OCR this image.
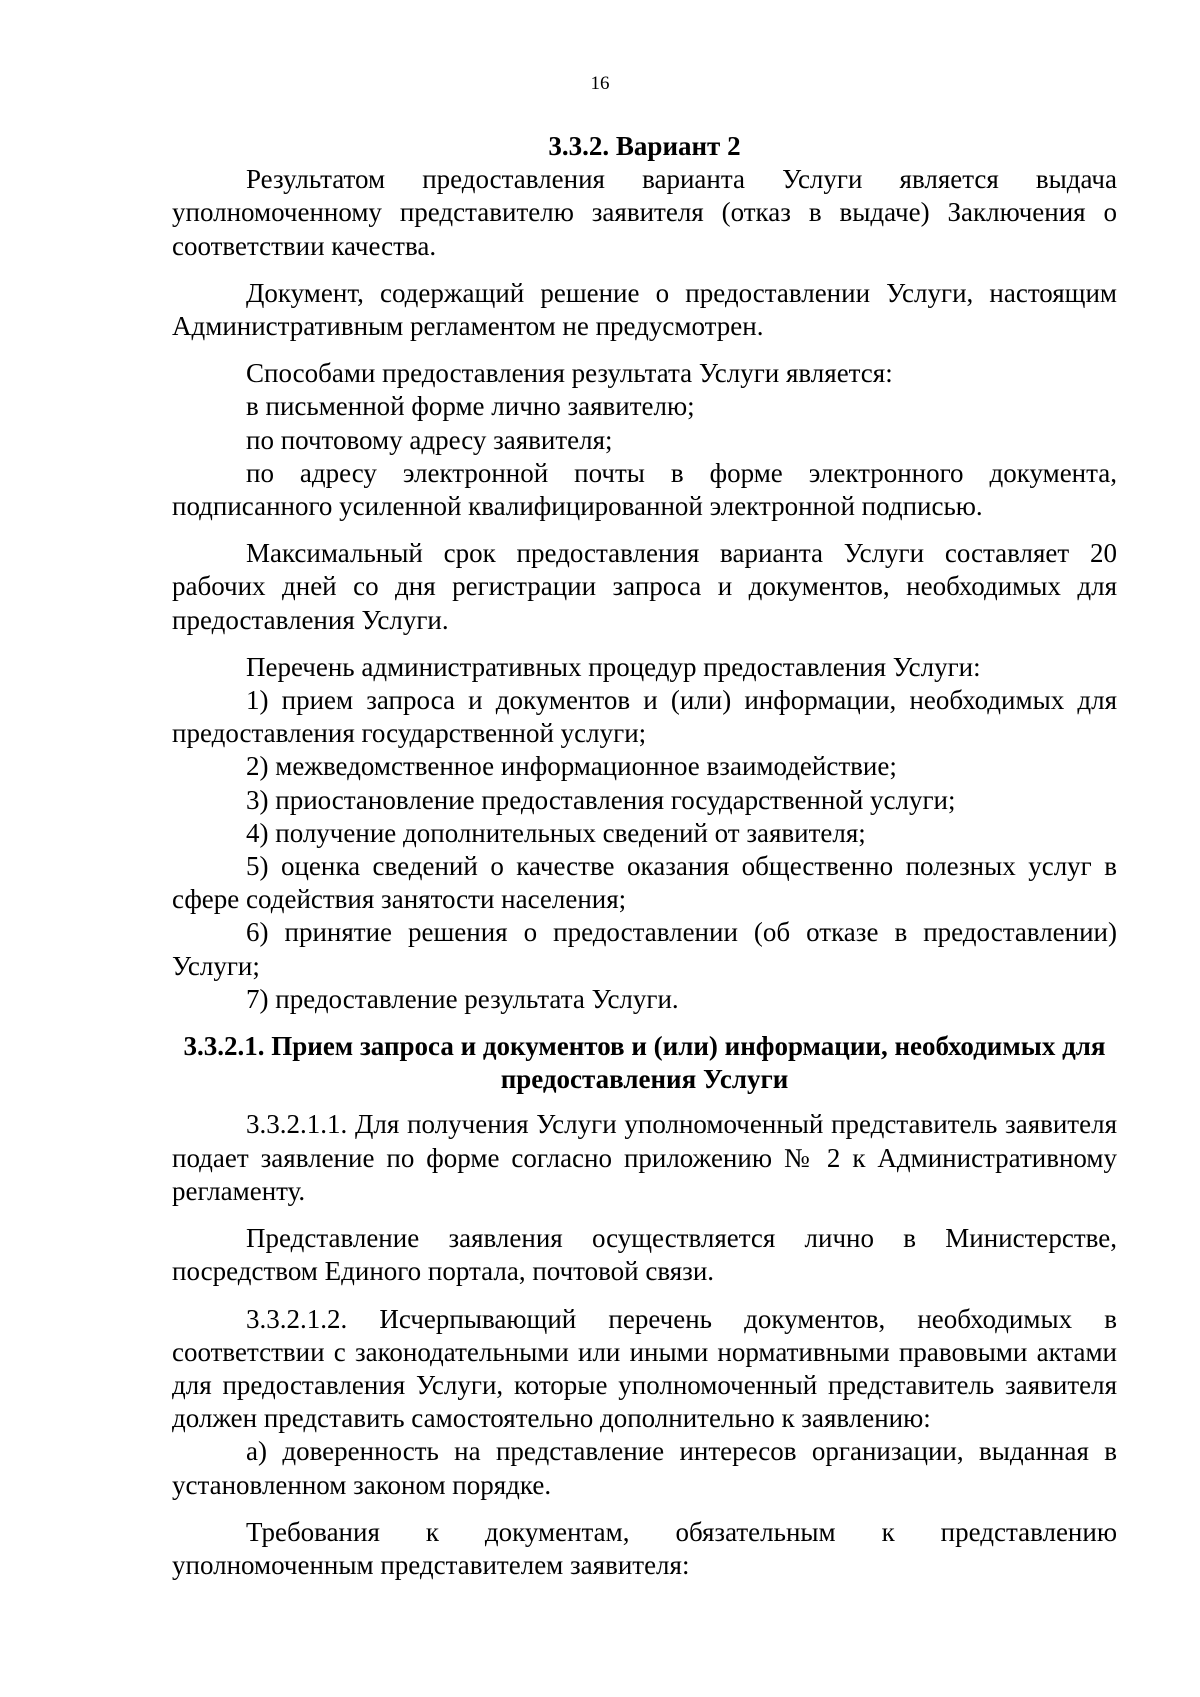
16
3.3.2. Вариант 2

Результатом предоставления варианта Услуги является выдача уполномоченному представителю заявителя (отказ в выдаче) Заключения о соответствии качества.

Документ, содержащий решение о предоставлении Услуги, настоящим Административным регламентом не предусмотрен.

Способами предоставления результата Услуги является:

в письменной форме лично заявителю;

по почтовому адресу заявителя;

по адресу электронной почты в форме электронного документа, подписанного усиленной квалифицированной электронной подписью.

Максимальный срок предоставления варианта Услуги составляет 20 рабочих дней со дня регистрации запроса и документов, необходимых для предоставления Услуги.

Перечень административных процедур предоставления Услуги:

1) прием запроса и документов и (или) информации, необходимых для предоставления государственной услуги;

2) межведомственное информационное взаимодействие;

3) приостановление предоставления государственной услуги;

4) получение дополнительных сведений от заявителя;

5) оценка сведений о качестве оказания общественно полезных услуг в сфере содействия занятости населения;

6) принятие решения о предоставлении (об отказе в предоставлении) Услуги;

7) предоставление результата Услуги.

3.3.2.1. Прием запроса и документов и (или) информации, необходимых для предоставления Услуги

3.3.2.1.1. Для получения Услуги уполномоченный представитель заявителя подает заявление по форме согласно приложению № 2 к Административному регламенту.

Представление заявления осуществляется лично в Министерстве, посредством Единого портала, почтовой связи.

3.3.2.1.2. Исчерпывающий перечень документов, необходимых в соответствии с законодательными или иными нормативными правовыми актами для предоставления Услуги, которые уполномоченный представитель заявителя должен представить самостоятельно дополнительно к заявлению:

а) доверенность на представление интересов организации, выданная в установленном законом порядке.

Требования к документам, обязательным к представлению уполномоченным представителем заявителя:
